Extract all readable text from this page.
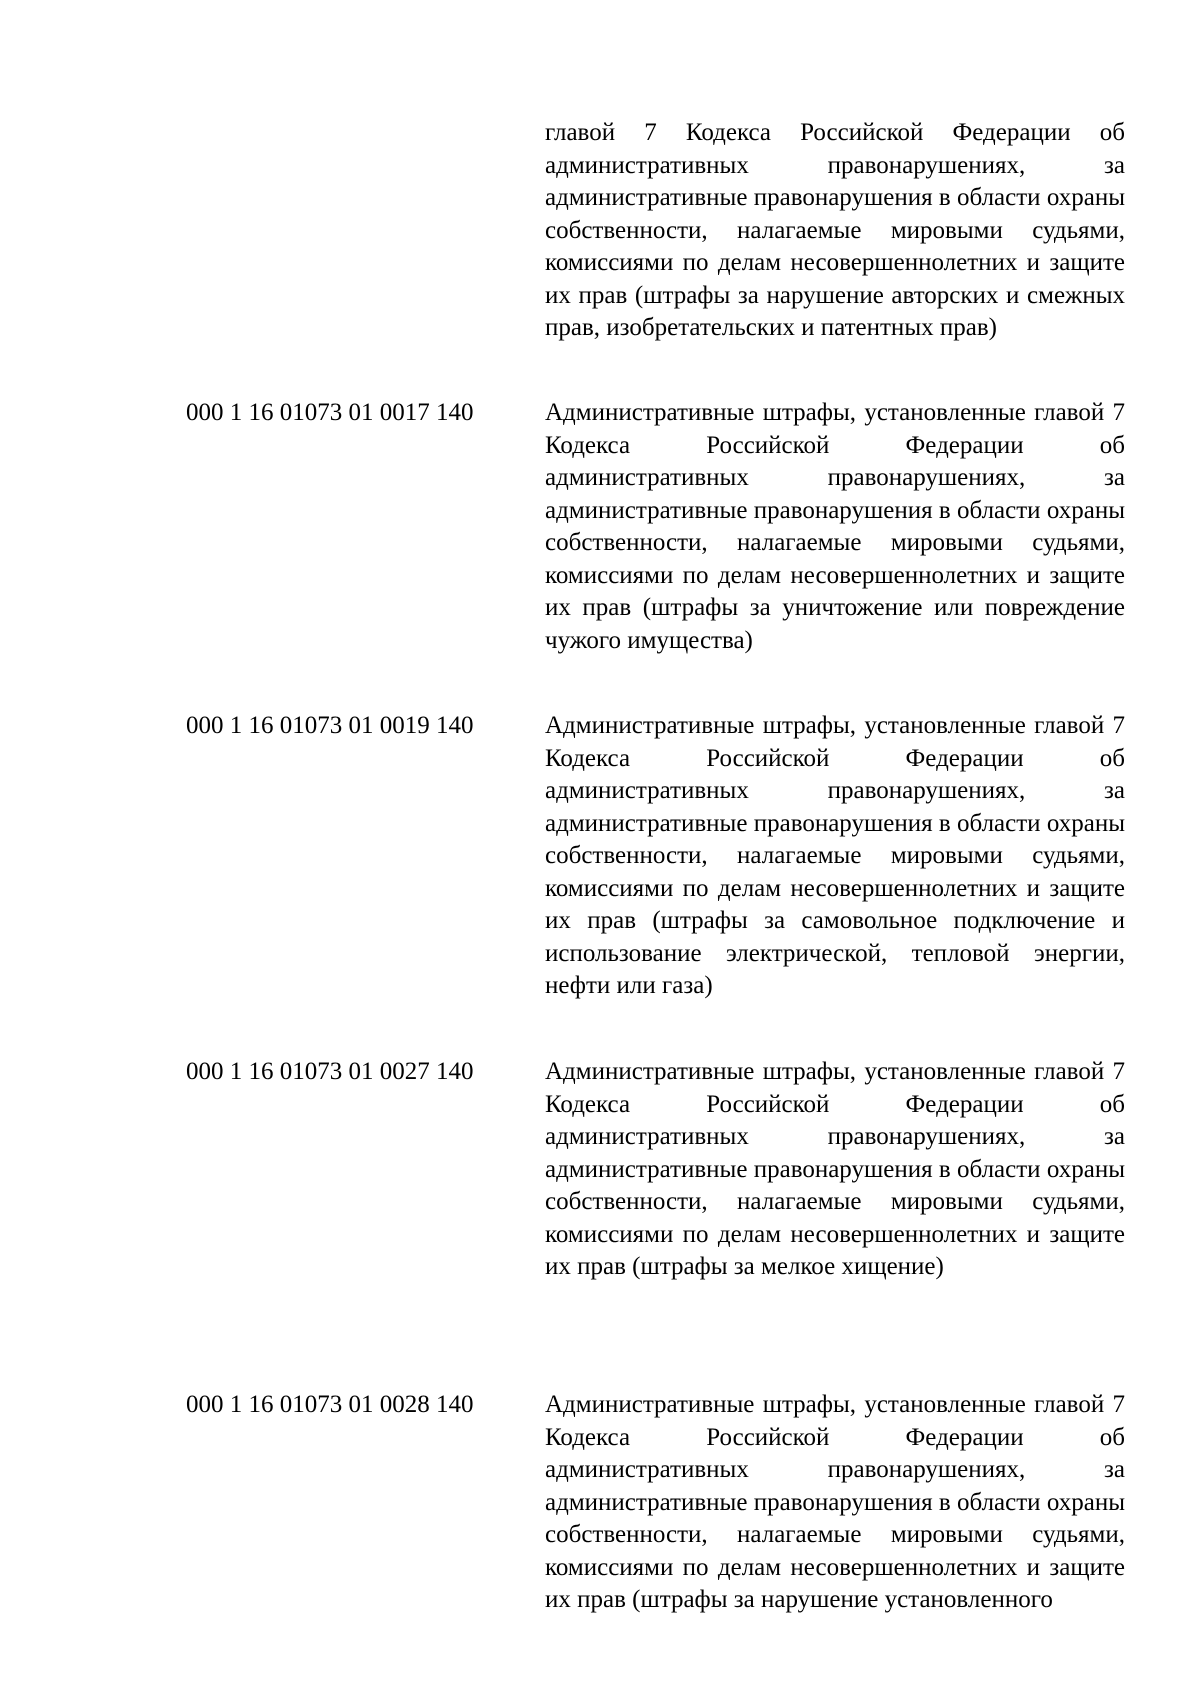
главой 7 Кодекса Российской Федерации об административных правонарушениях, за административные правонарушения в области охраны собственности, налагаемые мировыми судьями, комиссиями по делам несовершеннолетних и защите их прав (штрафы за нарушение авторских и смежных прав, изобретательских и патентных прав)
000 1 16 01073 01 0017 140	Административные штрафы, установленные главой 7 Кодекса Российской Федерации об административных правонарушениях, за административные правонарушения в области охраны собственности, налагаемые мировыми судьями, комиссиями по делам несовершеннолетних и защите их прав (штрафы за уничтожение или повреждение чужого имущества)
000 1 16 01073 01 0019 140	Административные штрафы, установленные главой 7 Кодекса Российской Федерации об административных правонарушениях, за административные правонарушения в области охраны собственности, налагаемые мировыми судьями, комиссиями по делам несовершеннолетних и защите их прав (штрафы за самовольное подключение и использование электрической, тепловой энергии, нефти или газа)
000 1 16 01073 01 0027 140	Административные штрафы, установленные главой 7 Кодекса Российской Федерации об административных правонарушениях, за административные правонарушения в области охраны собственности, налагаемые мировыми судьями, комиссиями по делам несовершеннолетних и защите их прав (штрафы за мелкое хищение)
000 1 16 01073 01 0028 140	Административные штрафы, установленные главой 7 Кодекса Российской Федерации об административных правонарушениях, за административные правонарушения в области охраны собственности, налагаемые мировыми судьями, комиссиями по делам несовершеннолетних и защите их прав (штрафы за нарушение установленного
